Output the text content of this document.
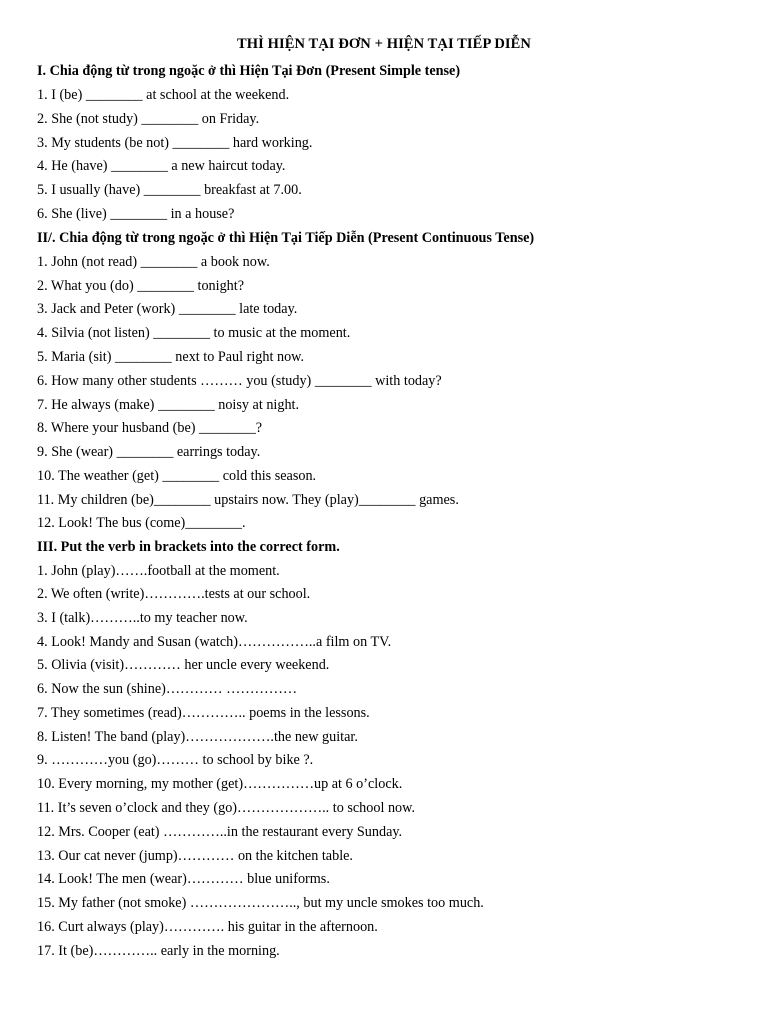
THÌ HIỆN TẠI ĐƠN + HIỆN TẠI TIẾP DIỄN
I. Chia động từ trong ngoặc ở thì Hiện Tại Đơn (Present Simple tense)
1. I (be) ________ at school at the weekend.
2. She (not study) ________ on Friday.
3. My students (be not) ________ hard working.
4. He (have) ________ a new haircut today.
5. I usually (have) ________ breakfast at 7.00.
6. She (live) ________ in a house?
II/. Chia động từ trong ngoặc ở thì Hiện Tại Tiếp Diễn (Present Continuous Tense)
1. John (not read) ________ a book now.
2. What you (do) ________ tonight?
3. Jack and Peter (work) ________ late today.
4. Silvia (not listen) ________ to music at the moment.
5. Maria (sit) ________ next to Paul right now.
6. How many other students ……… you (study) ________ with today?
7. He always (make) ________ noisy at night.
8. Where your husband (be) ________?
9. She (wear) ________ earrings today.
10. The weather (get) ________ cold this season.
11. My children (be)________ upstairs now. They (play)________ games.
12. Look! The bus (come)________.
III. Put the verb in brackets into the correct form.
1. John (play)…….football at the moment.
2. We often (write)………….tests at our school.
3. I (talk)………..to my teacher now.
4. Look! Mandy and Susan (watch)……………..a film on TV.
5. Olivia (visit)………… her uncle every weekend.
6. Now the sun (shine)………… ……………
7. They sometimes (read)………….. poems in the lessons.
8. Listen! The band (play)……………….the new guitar.
9. …………you (go)……… to school by bike ?.
10. Every morning, my mother (get)……………up at 6 o’clock.
11. It’s seven o’clock and they (go)……………….. to school now.
12. Mrs. Cooper (eat) …………..in the restaurant every Sunday.
13. Our cat never (jump)………… on the kitchen table.
14. Look! The men (wear)………… blue uniforms.
15. My father (not smoke) ………………….., but my uncle smokes too much.
16. Curt always (play)…………. his guitar in the afternoon.
17. It (be)………….. early in the morning.
